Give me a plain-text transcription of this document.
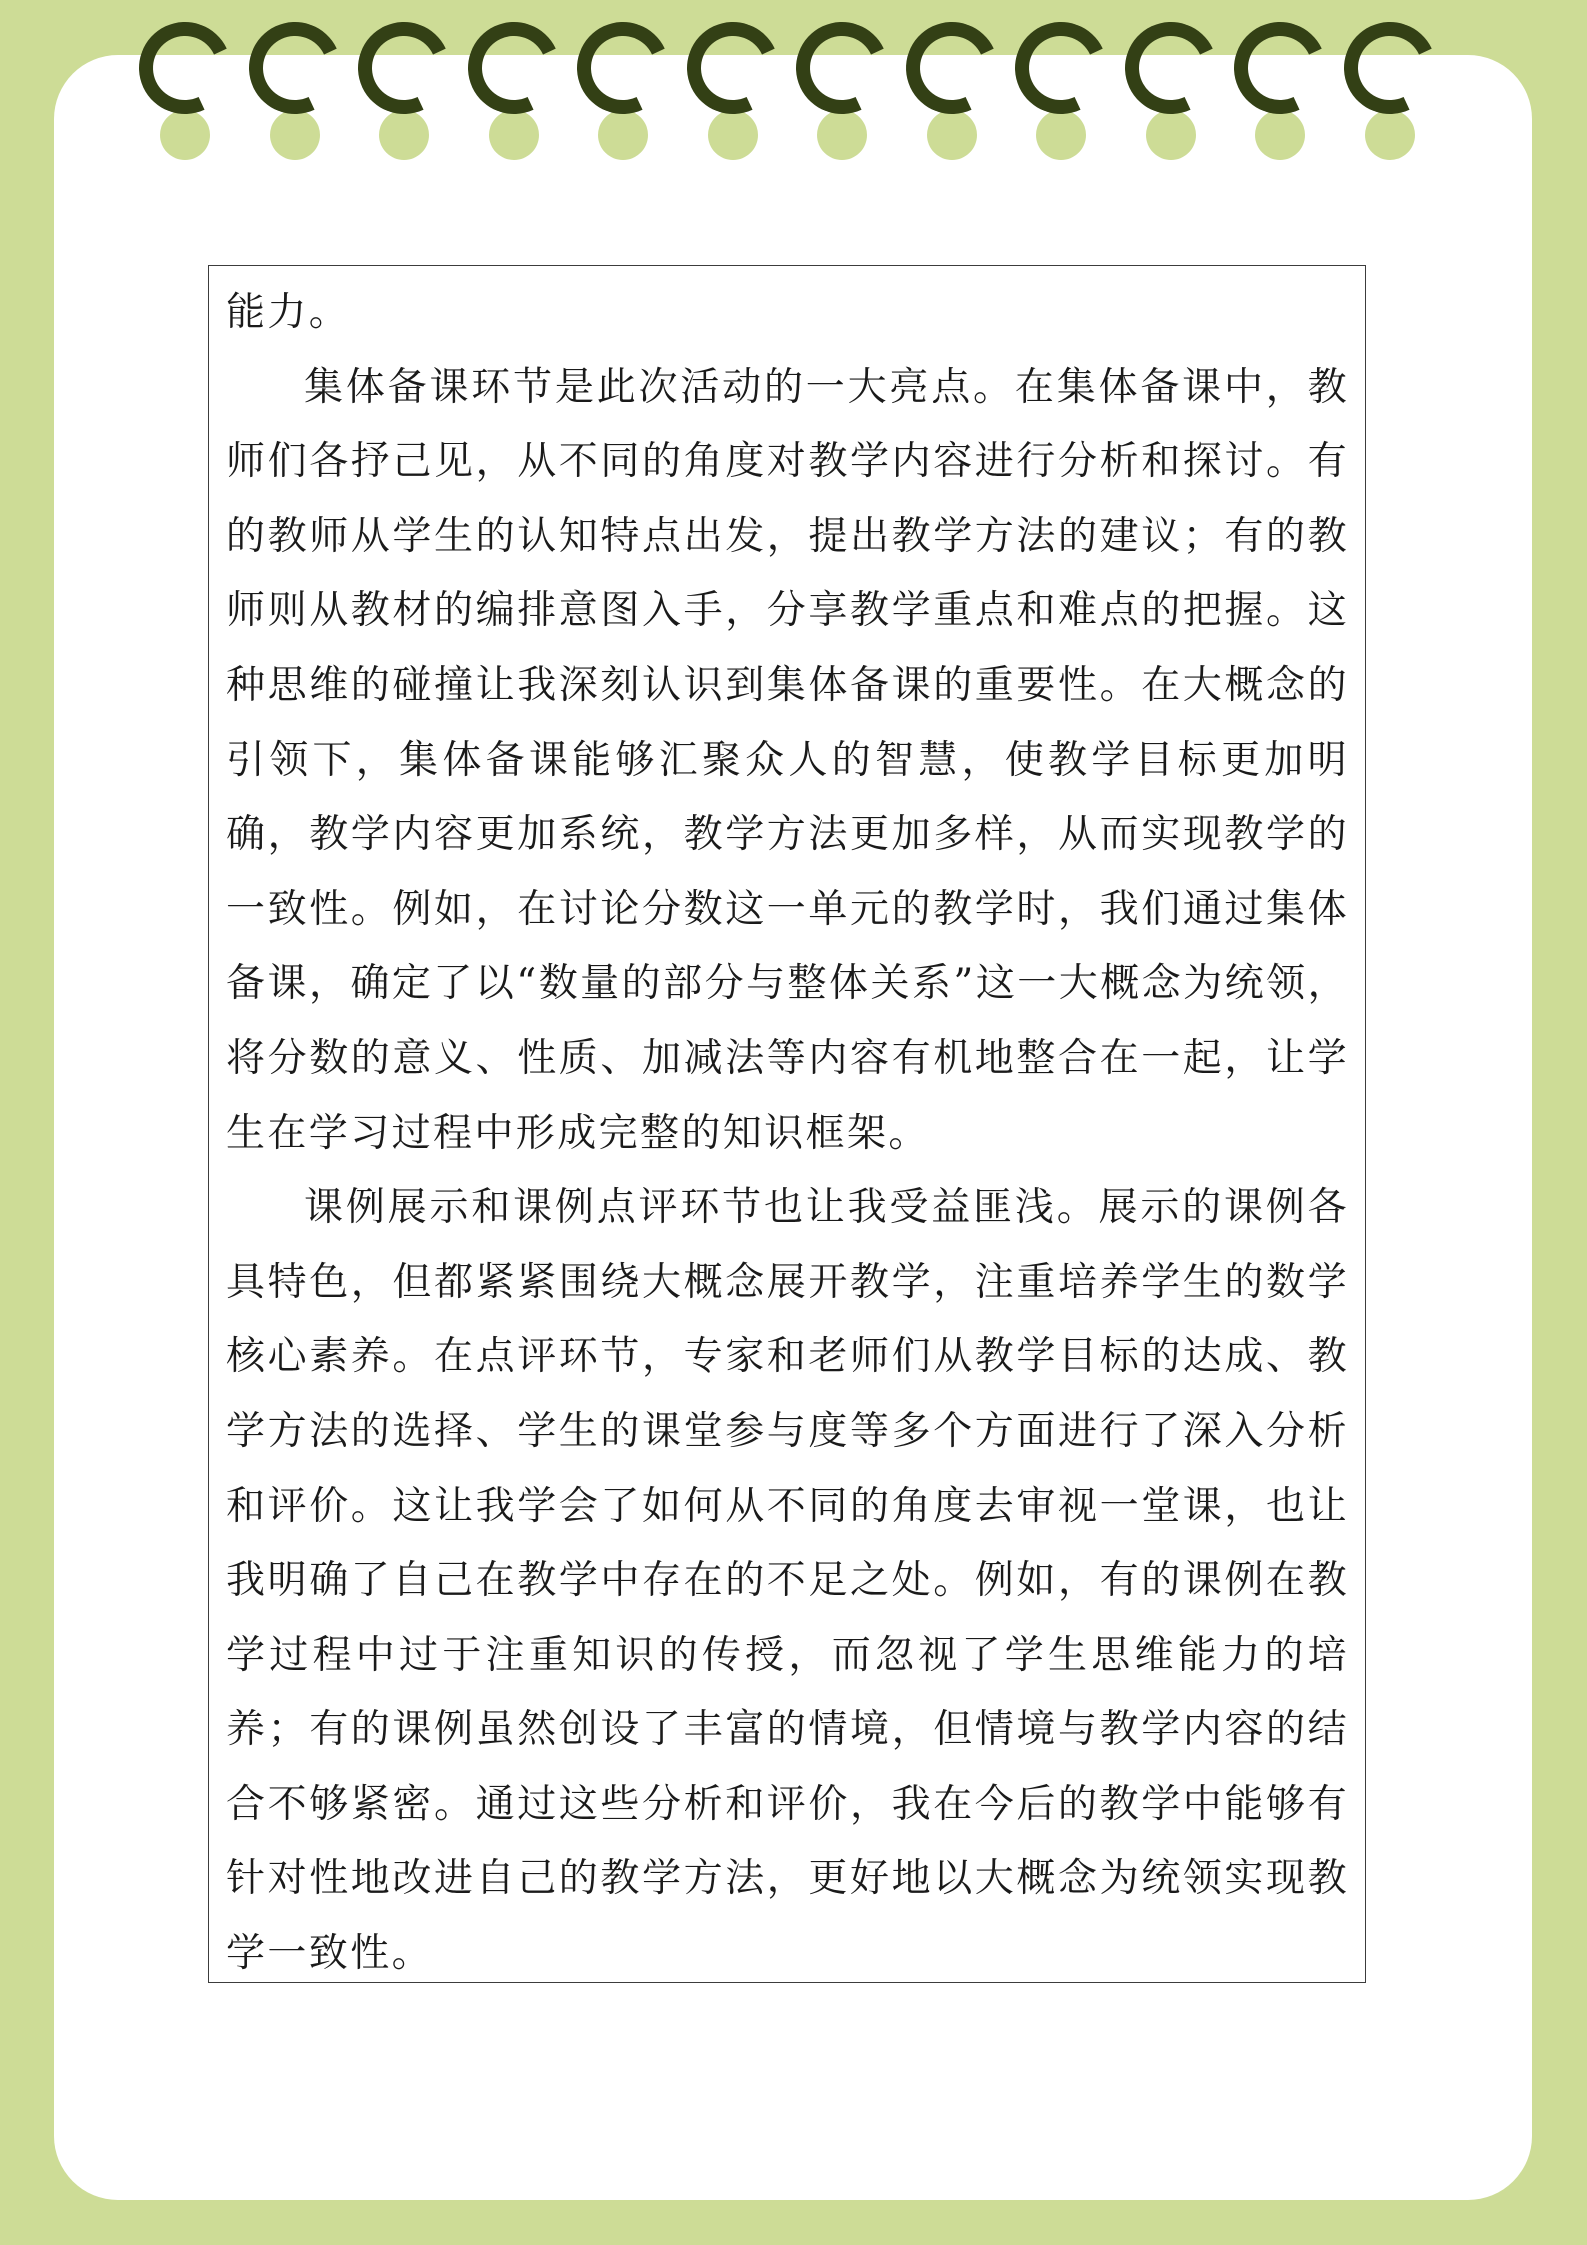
能力。

集体备课环节是此次活动的一大亮点。在集体备课中，教师们各抒己见，从不同的角度对教学内容进行分析和探讨。有的教师从学生的认知特点出发，提出教学方法的建议；有的教师则从教材的编排意图入手，分享教学重点和难点的把握。这种思维的碰撞让我深刻认识到集体备课的重要性。在大概念的引领下，集体备课能够汇聚众人的智慧，使教学目标更加明确，教学内容更加系统，教学方法更加多样，从而实现教学的一致性。例如，在讨论分数这一单元的教学时，我们通过集体备课，确定了以“数量的部分与整体关系”这一大概念为统领，将分数的意义、性质、加减法等内容有机地整合在一起，让学生在学习过程中形成完整的知识框架。

课例展示和课例点评环节也让我受益匪浅。展示的课例各具特色，但都紧紧围绕大概念展开教学，注重培养学生的数学核心素养。在点评环节，专家和老师们从教学目标的达成、教学方法的选择、学生的课堂参与度等多个方面进行了深入分析和评价。这让我学会了如何从不同的角度去审视一堂课，也让我明确了自己在教学中存在的不足之处。例如，有的课例在教学过程中过于注重知识的传授，而忽视了学生思维能力的培养；有的课例虽然创设了丰富的情境，但情境与教学内容的结合不够紧密。通过这些分析和评价，我在今后的教学中能够有针对性地改进自己的教学方法，更好地以大概念为统领实现教学一致性。
